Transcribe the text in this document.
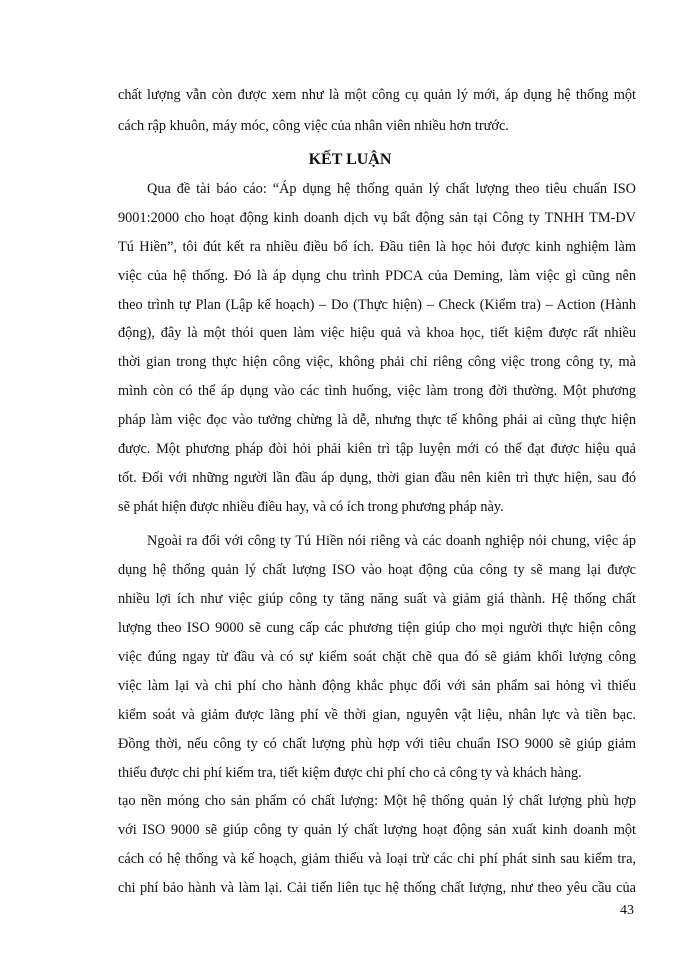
chất lượng vẫn còn được xem như là một công cụ quản lý mới, áp dụng hệ thống một
cách rập khuôn, máy móc, công việc của nhân viên nhiều hơn trước.
KẾT LUẬN
Qua đề tài báo cáo: “Áp dụng hệ thống quản lý chất lượng theo tiêu chuẩn ISO
9001:2000 cho hoạt động kinh doanh dịch vụ bất động sản tại Công ty TNHH TM-DV
Tú Hiền”, tôi đút kết ra nhiều điều bổ ích. Đầu tiên là học hỏi được kinh nghiệm làm
việc của hệ thống. Đó là áp dụng chu trình PDCA của Deming, làm việc gì cũng nên
theo trình tự Plan (Lập kế hoạch) – Do (Thực hiện) – Check (Kiểm tra) – Action (Hành
động), đây là một thói quen làm việc hiệu quả và khoa học, tiết kiệm được rất nhiều
thời gian trong thực hiện công việc, không phải chỉ riêng công việc trong công ty, mà
mình còn có thể áp dụng vào các tình huống, việc làm trong đời thường. Một phương
pháp làm việc đọc vào tưởng chừng là dễ, nhưng thực tế không phải ai cũng thực hiện
được. Một phương pháp đòi hỏi phải kiên trì tập luyện mới có thể đạt được hiệu quả
tốt. Đối với những người lần đầu áp dụng, thời gian đầu nên kiên trì thực hiện, sau đó
sẽ phát hiện được nhiều điều hay, và có ích trong phương pháp này.
Ngoài ra đối với công ty Tú Hiền nói riêng và các doanh nghiệp nói chung, việc áp
dụng hệ thống quản lý chất lượng ISO vào hoạt động của công ty sẽ mang lại được
nhiều lợi ích như việc giúp công ty tăng năng suất và giảm giá thành. Hệ thống chất
lượng theo ISO 9000 sẽ cung cấp các phương tiện giúp cho mọi người thực hiện công
việc đúng ngay từ đầu và có sự kiểm soát chặt chẽ qua đó sẽ giảm khối lượng công
việc làm lại và chi phí cho hành động khắc phục đối với sản phẩm sai hỏng vì thiếu
kiểm soát và giảm được lãng phí về thời gian, nguyên vật liệu, nhân lực và tiền bạc.
Đồng thời, nếu công ty có chất lượng phù hợp với tiêu chuẩn ISO 9000 sẽ giúp giảm
thiểu được chi phí kiểm tra, tiết kiệm được chi phí cho cả công ty và khách hàng.
tạo nền móng cho sản phẩm có chất lượng: Một hệ thống quản lý chất lượng phù hợp
với ISO 9000 sẽ giúp công ty quản lý chất lượng hoạt động sản xuất kinh doanh một
cách có hệ thống và kế hoạch, giảm thiểu và loại trừ các chi phí phát sinh sau kiểm tra,
chi phí bảo hành và làm lại. Cải tiến liên tục hệ thống chất lượng, như theo yêu cầu của
43
